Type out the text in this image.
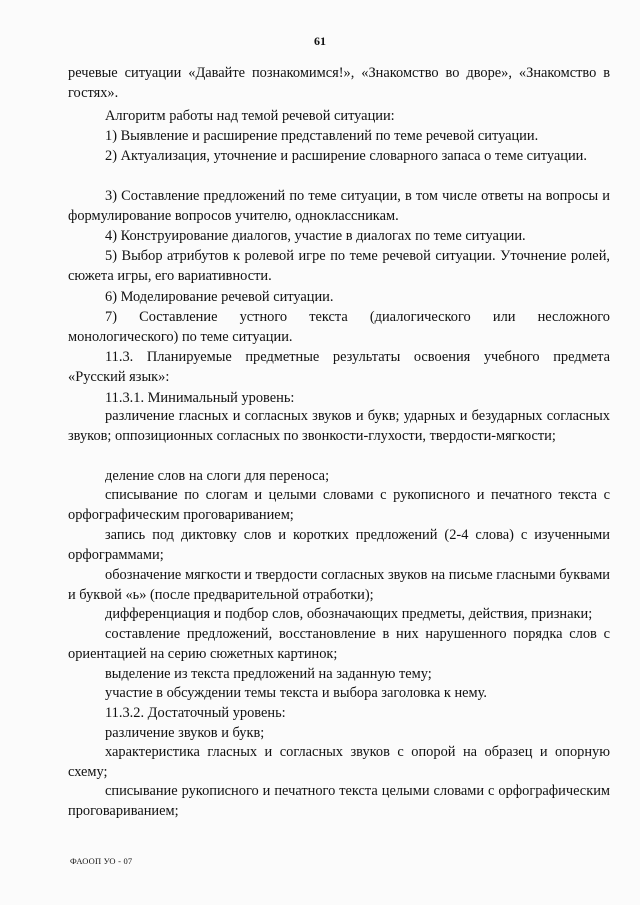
61
речевые ситуации «Давайте познакомимся!», «Знакомство во дворе», «Знакомство в гостях».
Алгоритм работы над темой речевой ситуации:
1) Выявление и расширение представлений по теме речевой ситуации.
2) Актуализация, уточнение и расширение словарного запаса о теме ситуации.
3) Составление предложений по теме ситуации, в том числе ответы на вопросы и формулирование вопросов учителю, одноклассникам.
4) Конструирование диалогов, участие в диалогах по теме ситуации.
5) Выбор атрибутов к ролевой игре по теме речевой ситуации. Уточнение ролей, сюжета игры, его вариативности.
6) Моделирование речевой ситуации.
7) Составление устного текста (диалогического или несложного монологического) по теме ситуации.
11.3. Планируемые предметные результаты освоения учебного предмета «Русский язык»:
11.3.1. Минимальный уровень:
различение гласных и согласных звуков и букв; ударных и безударных согласных звуков; оппозиционных согласных по звонкости-глухости, твердости-мягкости;
деление слов на слоги для переноса;
списывание по слогам и целыми словами с рукописного и печатного текста с орфографическим проговариванием;
запись под диктовку слов и коротких предложений (2-4 слова) с изученными орфограммами;
обозначение мягкости и твердости согласных звуков на письме гласными буквами и буквой «ь» (после предварительной отработки);
дифференциация и подбор слов, обозначающих предметы, действия, признаки;
составление предложений, восстановление в них нарушенного порядка слов с ориентацией на серию сюжетных картинок;
выделение из текста предложений на заданную тему;
участие в обсуждении темы текста и выбора заголовка к нему.
11.3.2. Достаточный уровень:
различение звуков и букв;
характеристика гласных и согласных звуков с опорой на образец и опорную схему;
списывание рукописного и печатного текста целыми словами с орфографическим проговариванием;
ФАООП УО - 07
